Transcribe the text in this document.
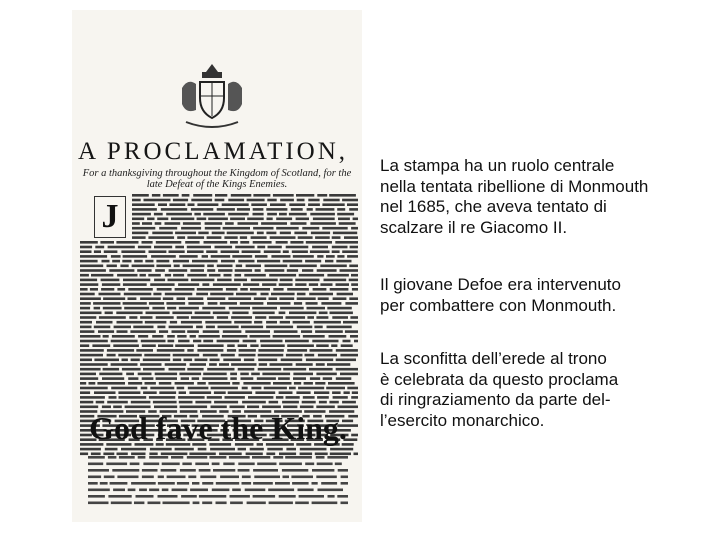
A PROCLAMATION,
For a thanksgiving throughout the Kingdom of Scotland, for the late Defeat of the Kings Enemies.
J
God fave the King.
La stampa ha un ruolo centrale
nella tentata ribellione di Monmouth
nel 1685, che aveva tentato di
scalzare il re Giacomo II.
Il giovane Defoe era intervenuto
per combattere con Monmouth.
La sconfitta dell’erede al trono
è celebrata da questo proclama
di ringraziamento da parte del-
l’esercito monarchico.
